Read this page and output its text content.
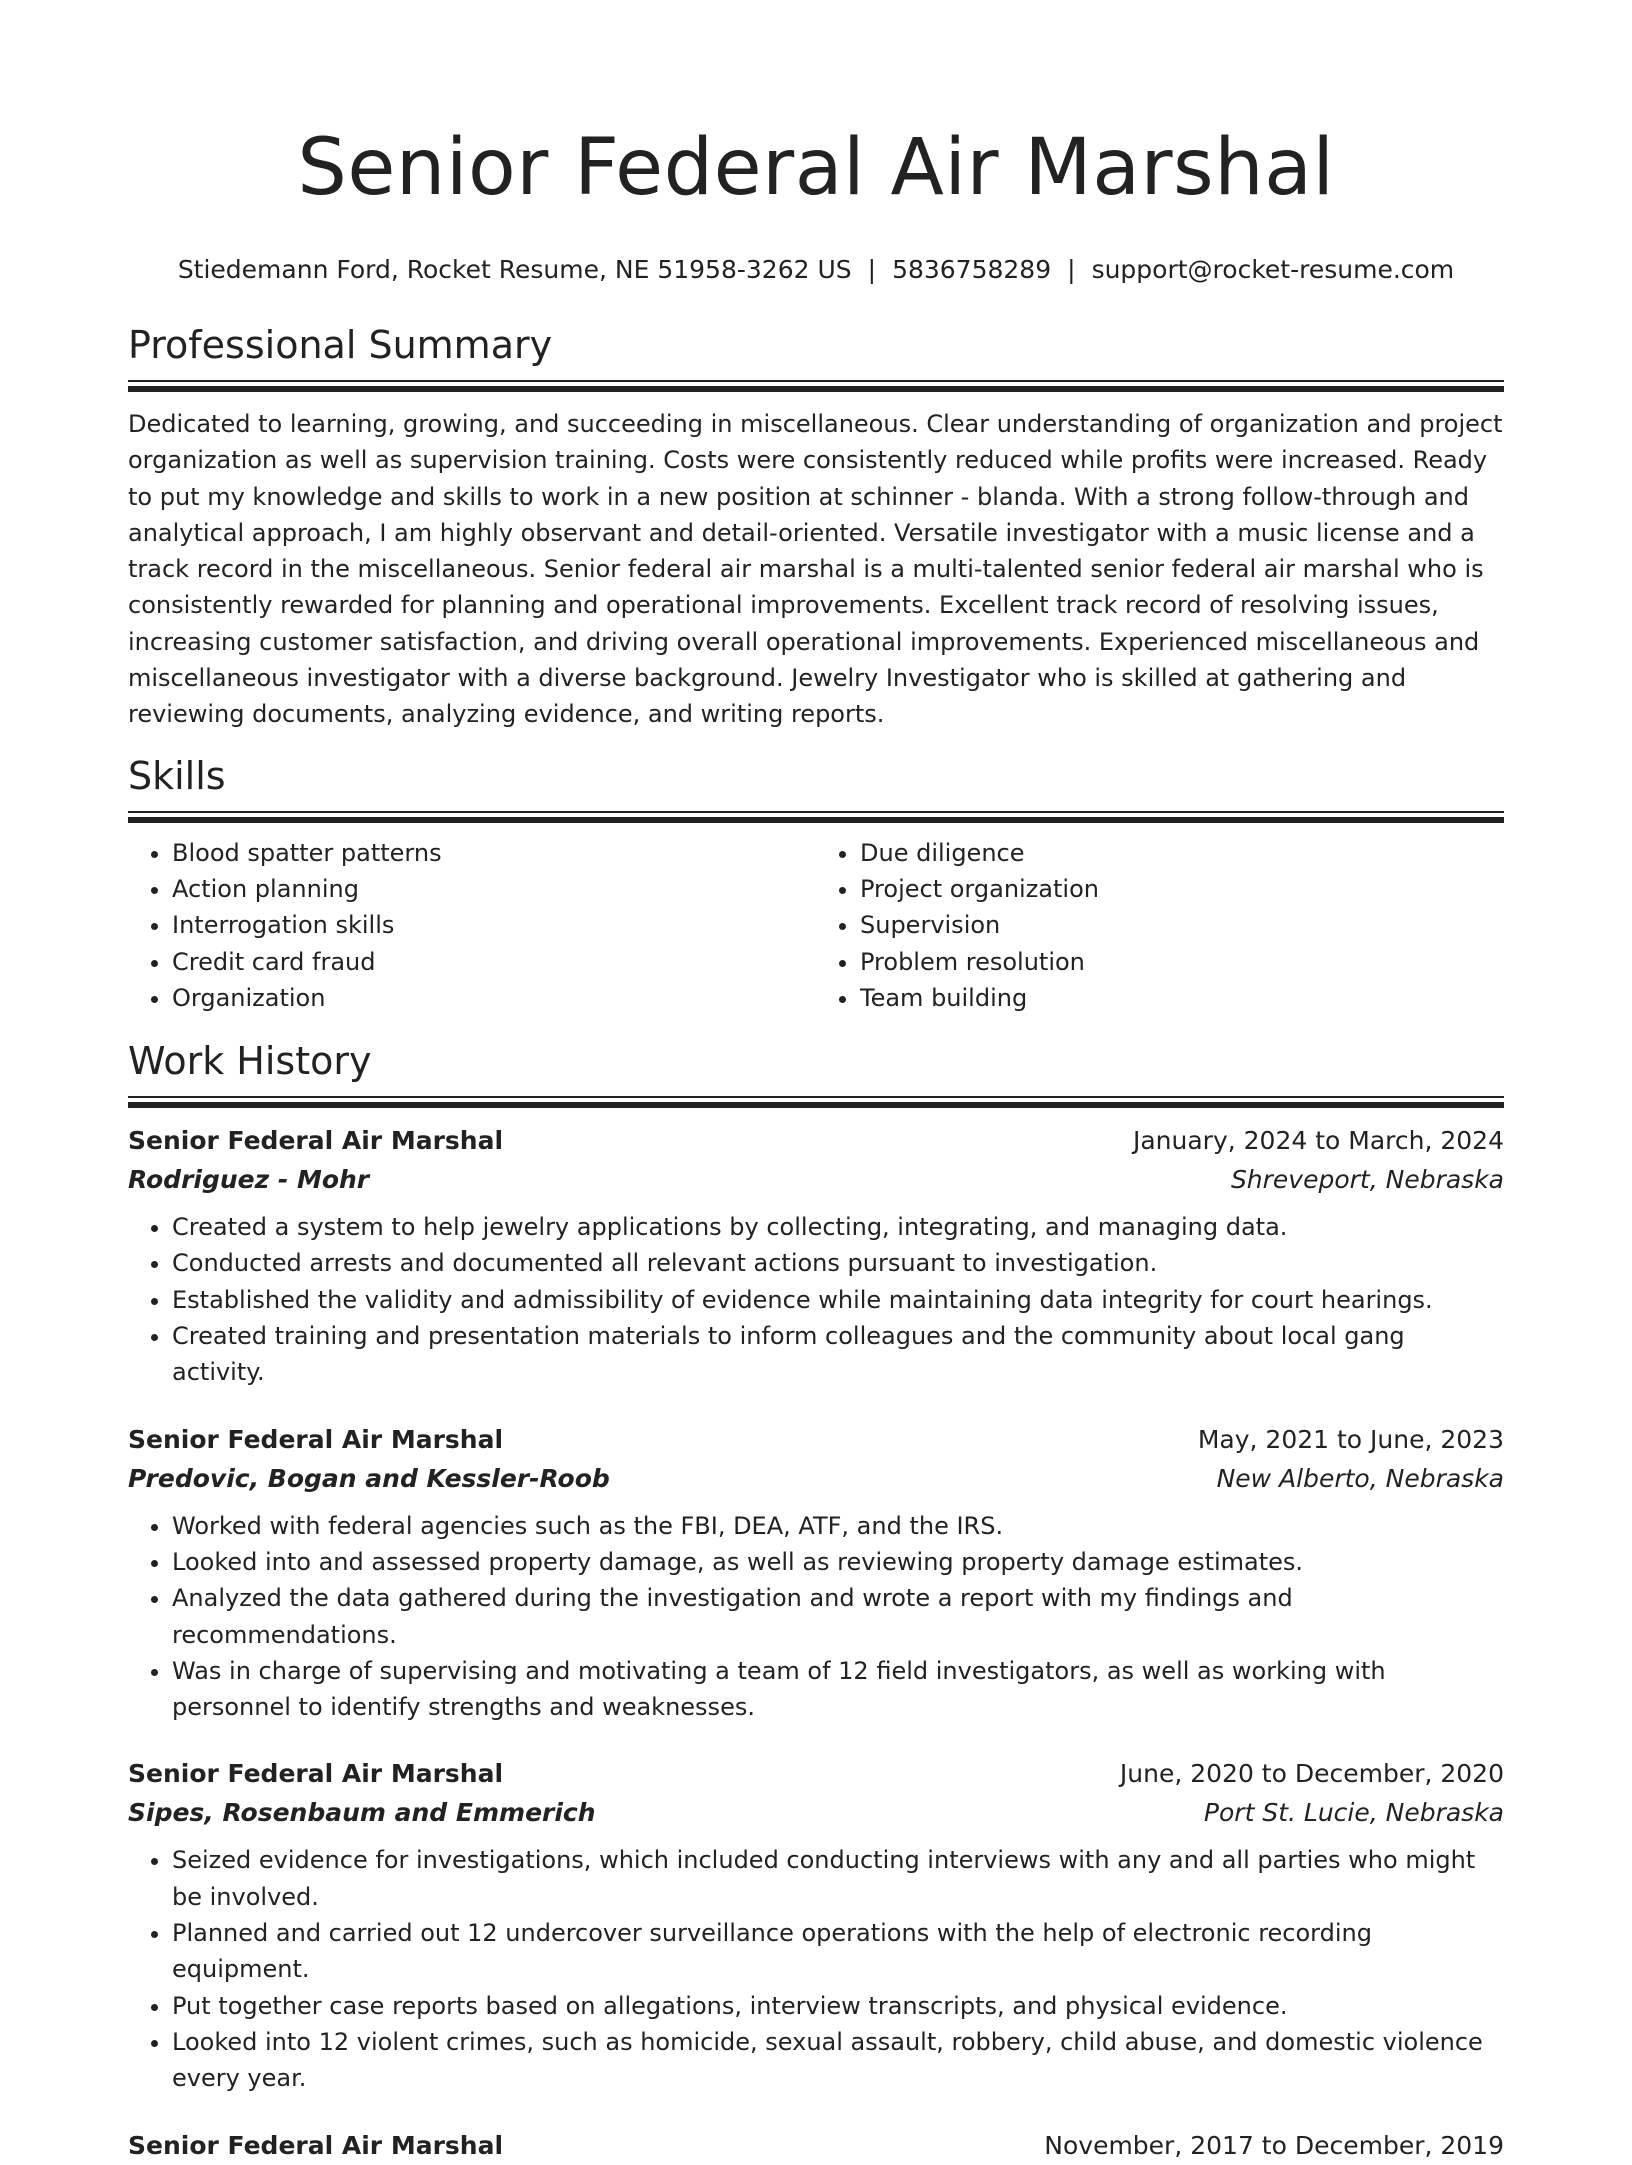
Senior Federal Air Marshal
Stiedemann Ford, Rocket Resume, NE 51958-3262 US | 5836758289 | support@rocket-resume.com
Professional Summary

Dedicated to learning, growing, and succeeding in miscellaneous. Clear understanding of organization and project organization as well as supervision training. Costs were consistently reduced while profits were increased. Ready to put my knowledge and skills to work in a new position at schinner - blanda. With a strong follow-through and analytical approach, I am highly observant and detail-oriented. Versatile investigator with a music license and a track record in the miscellaneous. Senior federal air marshal is a multi-talented senior federal air marshal who is consistently rewarded for planning and operational improvements. Excellent track record of resolving issues, increasing customer satisfaction, and driving overall operational improvements. Experienced miscellaneous and miscellaneous investigator with a diverse background. Jewelry Investigator who is skilled at gathering and reviewing documents, analyzing evidence, and writing reports.

Skills
• Blood spatter patterns
• Action planning
• Interrogation skills
• Credit card fraud
• Organization
• Due diligence
• Project organization
• Supervision
• Problem resolution
• Team building
Work History
Senior Federal Air Marshal	January, 2024 to March, 2024
Rodriguez - Mohr	Shreveport, Nebraska
• Created a system to help jewelry applications by collecting, integrating, and managing data.
• Conducted arrests and documented all relevant actions pursuant to investigation.
• Established the validity and admissibility of evidence while maintaining data integrity for court hearings.
• Created training and presentation materials to inform colleagues and the community about local gang activity.
Senior Federal Air Marshal	May, 2021 to June, 2023
Predovic, Bogan and Kessler-Roob	New Alberto, Nebraska
• Worked with federal agencies such as the FBI, DEA, ATF, and the IRS.
• Looked into and assessed property damage, as well as reviewing property damage estimates.
• Analyzed the data gathered during the investigation and wrote a report with my findings and recommendations.
• Was in charge of supervising and motivating a team of 12 field investigators, as well as working with personnel to identify strengths and weaknesses.
Senior Federal Air Marshal	June, 2020 to December, 2020
Sipes, Rosenbaum and Emmerich	Port St. Lucie, Nebraska
• Seized evidence for investigations, which included conducting interviews with any and all parties who might be involved.
• Planned and carried out 12 undercover surveillance operations with the help of electronic recording equipment.
• Put together case reports based on allegations, interview transcripts, and physical evidence.
• Looked into 12 violent crimes, such as homicide, sexual assault, robbery, child abuse, and domestic violence every year.
Senior Federal Air Marshal	November, 2017 to December, 2019
